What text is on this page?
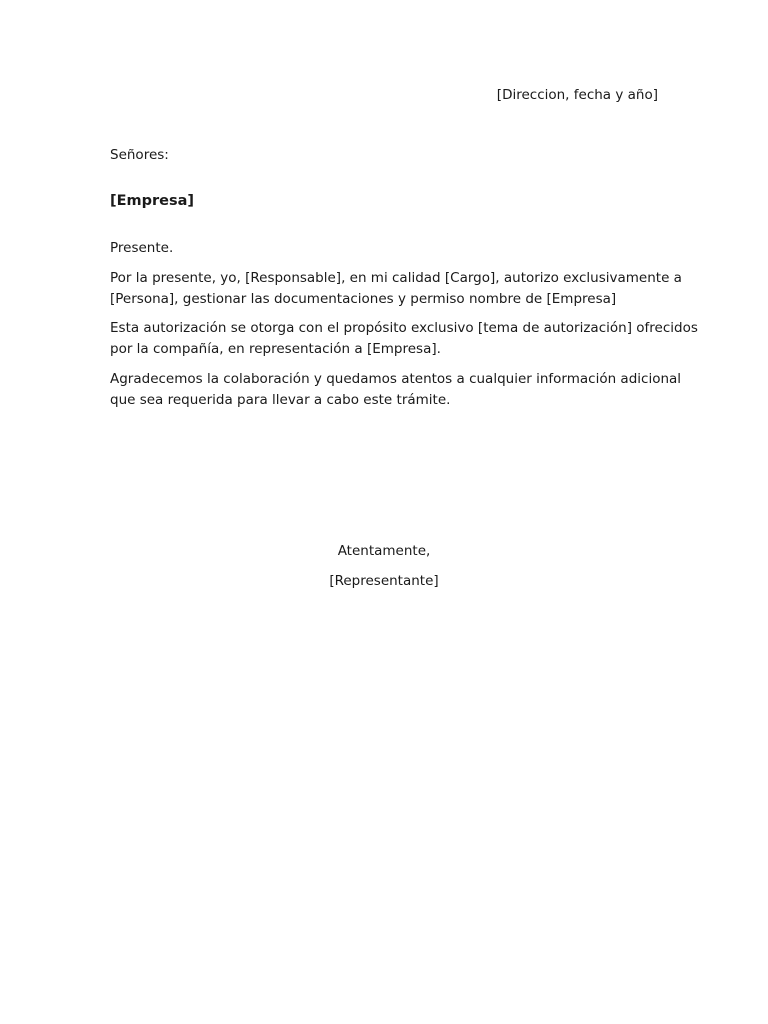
[Direccion, fecha y año]
Señores:
[Empresa]
Presente.
Por la presente, yo, [Responsable], en mi calidad [Cargo], autorizo exclusivamente a
[Persona], gestionar las documentaciones y permiso nombre de [Empresa]
Esta autorización se otorga con el propósito exclusivo [tema de autorización] ofrecidos
por la compañía, en representación a [Empresa].
Agradecemos la colaboración y quedamos atentos a cualquier información adicional
que sea requerida para llevar a cabo este trámite.
Atentamente,
[Representante]
